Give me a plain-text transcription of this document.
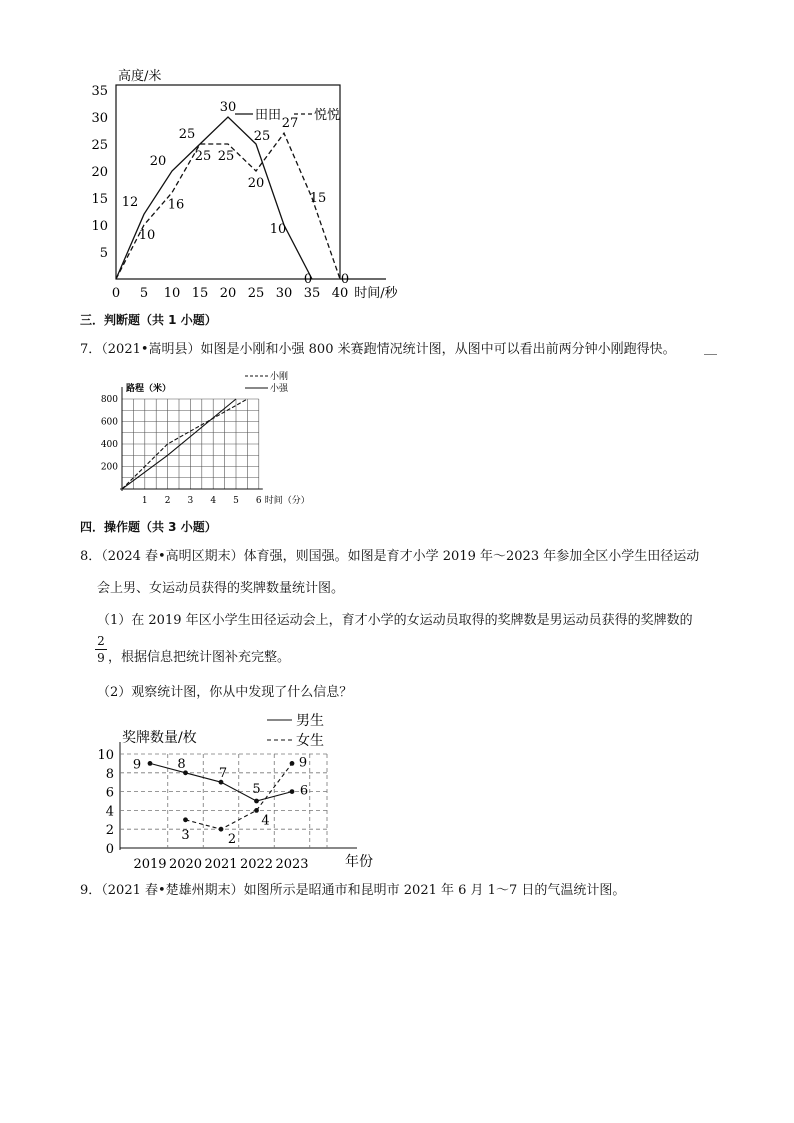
5
10
15
20
25
30
35
0 5 10 15 20 25 30 35 40
高度/米
时间/秒
田田	悦悦
12
20
25
30
25
10
0
10
16
25 25
20
27
15
0
三．判断题（共 1 小题）
7．（2021•嵩明县）如图是小刚和小强 800 米赛跑情况统计图，从图中可以看出前两分钟小刚跑得快。 ＿
200
400
600
800
1 2 3 4 5 6 时间（分）
路程（米）
小刚
小强
四．操作题（共 3 小题）
8．（2024 春•高明区期末）体育强，则国强。如图是育才小学 2019 年～2023 年参加全区小学生田径运动
会上男、女运动员获得的奖牌数量统计图。
（1）在 2019 年区小学生田径运动会上，育才小学的女运动员取得的奖牌数是男运动员获得的奖牌数的
2
9 ，根据信息把统计图补充完整。
（2）观察统计图，你从中发现了什么信息？
0
2
4
6
8
10
2019 2020 2021 2022 2023	年份
奖牌数量/枚
男生
女生
9	8
7
5	6
3	2
4
9
9．（2021 春•楚雄州期末）如图所示是昭通市和昆明市 2021 年 6 月 1～7 日的气温统计图。
